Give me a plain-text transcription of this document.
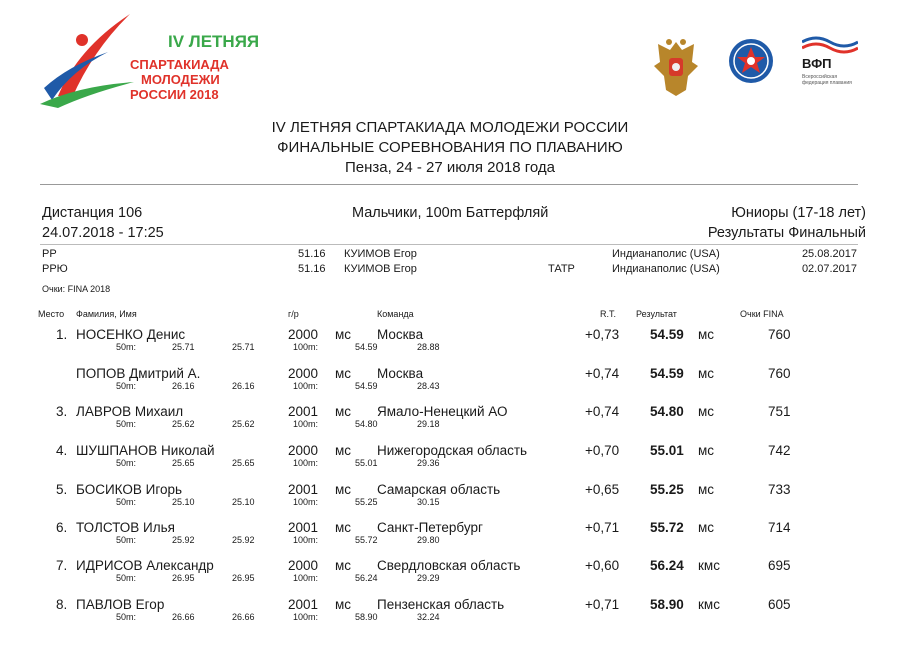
IV ЛЕТНЯЯ
СПАРТАКИАДА
МОЛОДЕЖИ
РОССИИ 2018
ВФП
Всероссийская
федерация плавания
IV ЛЕТНЯЯ СПАРТАКИАДА МОЛОДЕЖИ РОССИИ
ФИНАЛЬНЫЕ СОРЕВНОВАНИЯ ПО ПЛАВАНИЮ
Пенза, 24 - 27 июля 2018 года
Дистанция 106
24.07.2018 - 17:25
Мальчики, 100m Баттерфляй	Юниоры (17-18 лет)
Результаты Финальный
РР	51.16 КУИМОВ Егор	Индианаполис (USA)	25.08.2017
РРЮ	51.16 КУИМОВ Егор	ТАТР	Индианаполис (USA)	02.07.2017
Очки: FINA 2018
Место Фамилия, Имя	г/р	Команда	R.T. Результат	Очки FINA
1. НОСЕНКО Денис	2000 мс Москва	+0,73 54.59 мс	760
50m:	25.71	25.71	100m:	54.59	28.88
ПОПОВ Дмитрий А.	2000 мс Москва	+0,74 54.59 мс	760
50m:	26.16	26.16	100m:	54.59	28.43
3. ЛАВРОВ Михаил	2001 мс Ямало-Ненецкий АО	+0,74 54.80 мс	751
50m:	25.62	25.62	100m:	54.80	29.18
4. ШУШПАНОВ Николай	2000 мс Нижегородская область	+0,70 55.01 мс	742
50m:	25.65	25.65	100m:	55.01	29.36
5. БОСИКОВ Игорь	2001 мс Самарская область	+0,65 55.25 мс	733
50m:	25.10	25.10	100m:	55.25	30.15
6. ТОЛСТОВ Илья	2001 мс Санкт-Петербург	+0,71 55.72 мс	714
50m:	25.92	25.92	100m:	55.72	29.80
7. ИДРИСОВ Александр	2000 мс Свердловская область	+0,60 56.24 кмс	695
50m:	26.95	26.95	100m:	56.24	29.29
8. ПАВЛОВ Егор	2001 мс Пензенская область	+0,71 58.90 кмс	605
50m:	26.66	26.66	100m:	58.90	32.24
